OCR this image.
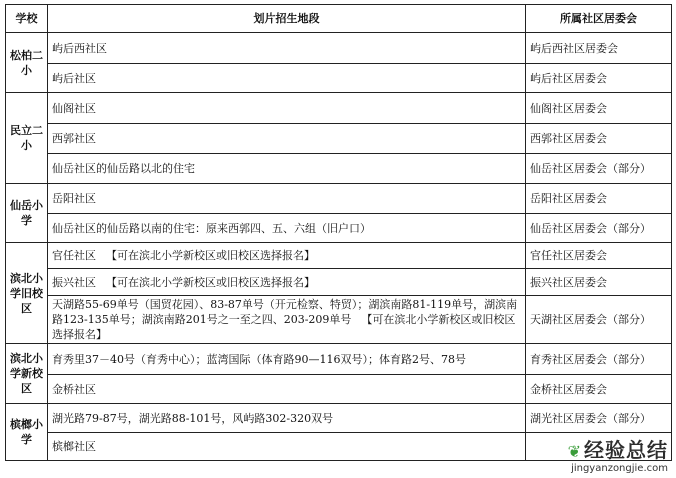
学校	划片招生地段	所属社区居委会
松柏二小	屿后西社区	屿后西社区居委会
	屿后社区	屿后社区居委会
民立二小	仙阁社区	仙阁社区居委会
	西郭社区	西郭社区居委会
	仙岳社区的仙岳路以北的住宅	仙岳社区居委会（部分）
仙岳小学	岳阳社区	岳阳社区居委会
	仙岳社区的仙岳路以南的住宅：原来西郭四、五、六组（旧户口）	仙岳社区居委会（部分）
滨北小学旧校区	官任社区 【可在滨北小学新校区或旧校区选择报名】	官任社区居委会
	振兴社区 【可在滨北小学新校区或旧校区选择报名】	振兴社区居委会
	天湖路55-69单号（国贸花园）、83-87单号（开元检察、特贸）；湖滨南路81-119单号，湖滨南路123-135单号；湖滨南路201号之一至之四、203-209单号 【可在滨北小学新校区或旧校区选择报名】	天湖社区居委会（部分）
滨北小学新校区	育秀里37－40号（育秀中心）；蓝湾国际（体育路90—116双号）；体育路2号、78号	育秀社区居委会（部分）
	金桥社区	金桥社区居委会
槟榔小学	湖光路79-87号，湖光路88-101号，风屿路302-320双号	湖光社区居委会（部分）
	槟榔社区		❦ 经验总结
jingyanzongjie.com
